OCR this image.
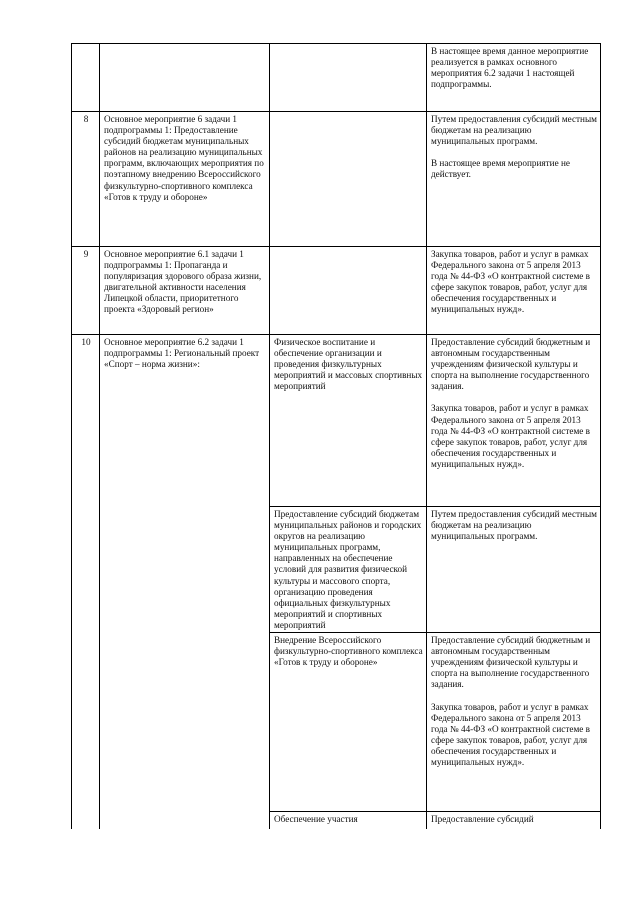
			В настоящее время данное мероприятие реализуется в рамках основного мероприятия 6.2 задачи 1 настоящей подпрограммы.

8	Основное мероприятие 6 задачи 1 подпрограммы 1: Предоставление субсидий бюджетам муниципальных районов на реализацию муниципальных программ, включающих мероприятия по поэтапному внедрению Всероссийского физкультурно-спортивного комплекса «Готов к труду и обороне»		Путем предоставления субсидий местным бюджетам на реализацию муниципальных программ.
В настоящее время мероприятие не действует.

9	Основное мероприятие 6.1 задачи 1 подпрограммы 1: Пропаганда и популяризация здорового образа жизни, двигательной активности населения Липецкой области, приоритетного проекта «Здоровый регион»		Закупка товаров, работ и услуг в рамках Федерального закона от 5 апреля 2013 года № 44-ФЗ «О контрактной системе в сфере закупок товаров, работ, услуг для обеспечения государственных и муниципальных нужд».

10	Основное мероприятие 6.2 задачи 1 подпрограммы 1: Региональный проект «Спорт – норма жизни»:	Физическое воспитание и обеспечение организации и проведения физкультурных мероприятий и массовых спортивных мероприятий	Предоставление субсидий бюджетным и автономным государственным учреждениям физической культуры и спорта на выполнение государственного задания.
Закупка товаров, работ и услуг в рамках Федерального закона от 5 апреля 2013 года № 44-ФЗ «О контрактной системе в сфере закупок товаров, работ, услуг для обеспечения государственных и муниципальных нужд».

		Предоставление субсидий бюджетам муниципальных районов и городских округов на реализацию муниципальных программ, направленных на обеспечение условий для развития физической культуры и массового спорта, организацию проведения официальных физкультурных мероприятий и спортивных мероприятий	Путем предоставления субсидий местным бюджетам на реализацию муниципальных программ.

		Внедрение Всероссийского физкультурно-спортивного комплекса «Готов к труду и обороне»	Предоставление субсидий бюджетным и автономным государственным учреждениям физической культуры и спорта на выполнение государственного задания.
Закупка товаров, работ и услуг в рамках Федерального закона от 5 апреля 2013 года № 44-ФЗ «О контрактной системе в сфере закупок товаров, работ, услуг для обеспечения государственных и муниципальных нужд».

		Обеспечение участия	Предоставление субсидий
